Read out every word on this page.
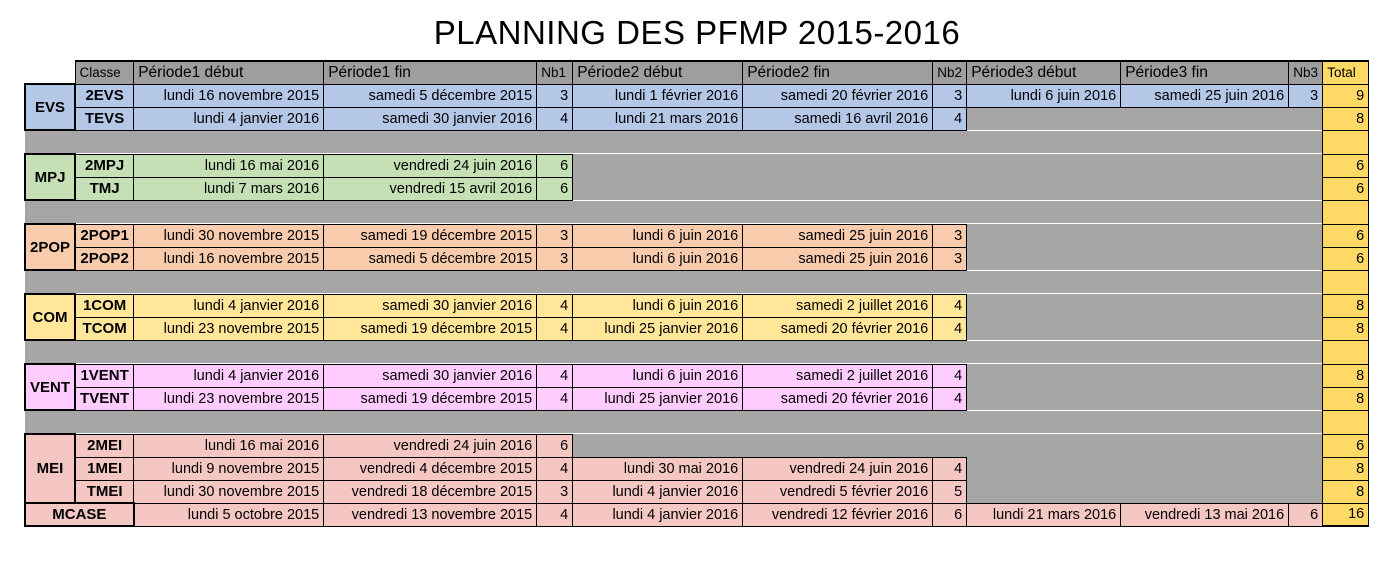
PLANNING DES PFMP 2015-2016
	Classe	Période1 début	Période1 fin	Nb1	Période2 début	Période2 fin	Nb2	Période3 début	Période3 fin	Nb3	Total
EVS	2EVS	lundi 16 novembre 2015	samedi 5 décembre 2015	3	lundi 1 février 2016	samedi 20 février 2016	3	lundi 6 juin 2016	samedi 25 juin 2016	3	9
	TEVS	lundi 4 janvier 2016	samedi 30 janvier 2016	4	lundi 21 mars 2016	samedi 16 avril 2016	4				8

MPJ	2MPJ	lundi 16 mai 2016	vendredi 24 juin 2016	6							6
	TMJ	lundi 7 mars 2016	vendredi 15 avril 2016	6							6

2POP	2POP1	lundi 30 novembre 2015	samedi 19 décembre 2015	3	lundi 6 juin 2016	samedi 25 juin 2016	3				6
	2POP2	lundi 16 novembre 2015	samedi 5 décembre 2015	3	lundi 6 juin 2016	samedi 25 juin 2016	3				6

COM	1COM	lundi 4 janvier 2016	samedi 30 janvier 2016	4	lundi 6 juin 2016	samedi 2 juillet 2016	4				8
	TCOM	lundi 23 novembre 2015	samedi 19 décembre 2015	4	lundi 25 janvier 2016	samedi 20 février 2016	4				8

VENT	1VENT	lundi 4 janvier 2016	samedi 30 janvier 2016	4	lundi 6 juin 2016	samedi 2 juillet 2016	4				8
	TVENT	lundi 23 novembre 2015	samedi 19 décembre 2015	4	lundi 25 janvier 2016	samedi 20 février 2016	4				8

MEI	2MEI	lundi 16 mai 2016	vendredi 24 juin 2016	6							6
	1MEI	lundi 9 novembre 2015	vendredi 4 décembre 2015	4	lundi 30 mai 2016	vendredi 24 juin 2016	4				8
	TMEI	lundi 30 novembre 2015	vendredi 18 décembre 2015	3	lundi 4 janvier 2016	vendredi 5 février 2016	5				8
MCASE		lundi 5 octobre 2015	vendredi 13 novembre 2015	4	lundi 4 janvier 2016	vendredi 12 février 2016	6	lundi 21 mars 2016	vendredi 13 mai 2016	6	16
